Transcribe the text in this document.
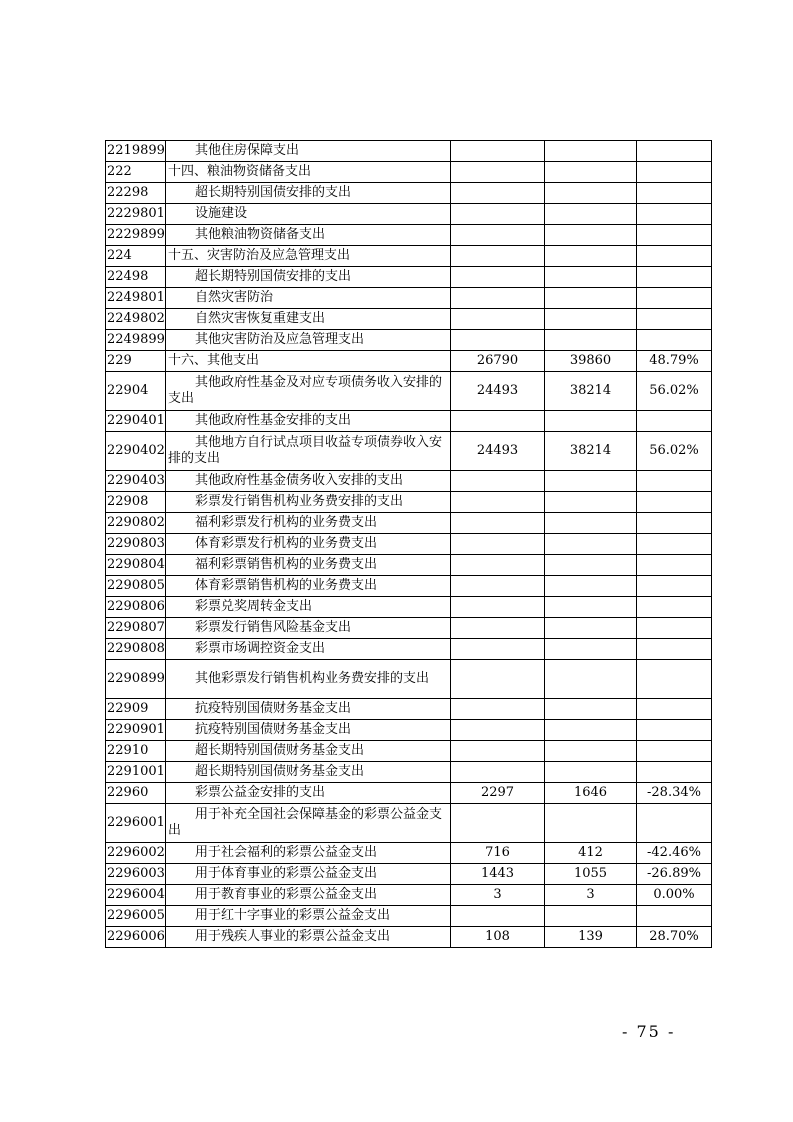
2219899	其他住房保障支出			
222	十四、粮油物资储备支出			
22298	超长期特别国债安排的支出			
2229801	设施建设			
2229899	其他粮油物资储备支出			
224	十五、灾害防治及应急管理支出			
22498	超长期特别国债安排的支出			
2249801	自然灾害防治			
2249802	自然灾害恢复重建支出			
2249899	其他灾害防治及应急管理支出			
229	十六、其他支出	26790	39860	48.79%
22904	其他政府性基金及对应专项债务收入安排的支出	24493	38214	56.02%
2290401	其他政府性基金安排的支出			
2290402	其他地方自行试点项目收益专项债券收入安排的支出	24493	38214	56.02%
2290403	其他政府性基金债务收入安排的支出			
22908	彩票发行销售机构业务费安排的支出			
2290802	福利彩票发行机构的业务费支出			
2290803	体育彩票发行机构的业务费支出			
2290804	福利彩票销售机构的业务费支出			
2290805	体育彩票销售机构的业务费支出			
2290806	彩票兑奖周转金支出			
2290807	彩票发行销售风险基金支出			
2290808	彩票市场调控资金支出			
2290899	其他彩票发行销售机构业务费安排的支出			
22909	抗疫特别国债财务基金支出			
2290901	抗疫特别国债财务基金支出			
22910	超长期特别国债财务基金支出			
2291001	超长期特别国债财务基金支出			
22960	彩票公益金安排的支出	2297	1646	-28.34%
2296001	用于补充全国社会保障基金的彩票公益金支出			
2296002	用于社会福利的彩票公益金支出	716	412	-42.46%
2296003	用于体育事业的彩票公益金支出	1443	1055	-26.89%
2296004	用于教育事业的彩票公益金支出	3	3	0.00%
2296005	用于红十字事业的彩票公益金支出			
2296006	用于残疾人事业的彩票公益金支出	108	139	28.70%
- 75 -
